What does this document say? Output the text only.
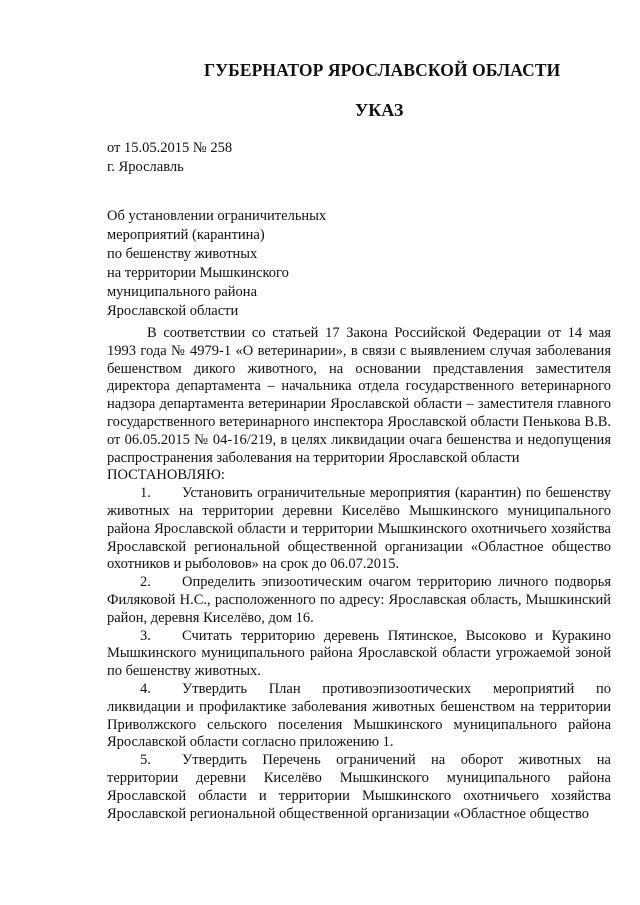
ГУБЕРНАТОР ЯРОСЛАВСКОЙ ОБЛАСТИ
УКАЗ
от 15.05.2015 № 258
г. Ярославль
Об установлении ограничительных
мероприятий (карантина)
по бешенству животных
на территории Мышкинского
муниципального района
Ярославской области

В соответствии со статьей 17 Закона Российской Федерации от 14 мая 1993 года № 4979-1 «О ветеринарии», в связи с выявлением случая заболевания бешенством дикого животного, на основании представления заместителя директора департамента – начальника отдела государственного ветеринарного надзора департамента ветеринарии Ярославской области – заместителя главного государственного ветеринарного инспектора Ярославской области Пенькова В.В. от 06.05.2015 № 04-16/219, в целях ликвидации очага бешенства и недопущения распространения заболевания на территории Ярославской области

ПОСТАНОВЛЯЮ:

1. Установить ограничительные мероприятия (карантин) по бешенству животных на территории деревни Киселёво Мышкинского муниципального района Ярославской области и территории Мышкинского охотничьего хозяйства Ярославской региональной общественной организации «Областное общество охотников и рыболовов» на срок до 06.07.2015.

2. Определить эпизоотическим очагом территорию личного подворья Филяковой Н.С., расположенного по адресу: Ярославская область, Мышкинский район, деревня Киселёво, дом 16.

3. Считать территорию деревень Пятинское, Высоково и Куракино Мышкинского муниципального района Ярославской области угрожаемой зоной по бешенству животных.

4. Утвердить План противоэпизоотических мероприятий по ликвидации и профилактике заболевания животных бешенством на территории Приволжского сельского поселения Мышкинского муниципального района Ярославской области согласно приложению 1.

5. Утвердить Перечень ограничений на оборот животных на территории деревни Киселёво Мышкинского муниципального района Ярославской области и территории Мышкинского охотничьего хозяйства Ярославской региональной общественной организации «Областное общество
